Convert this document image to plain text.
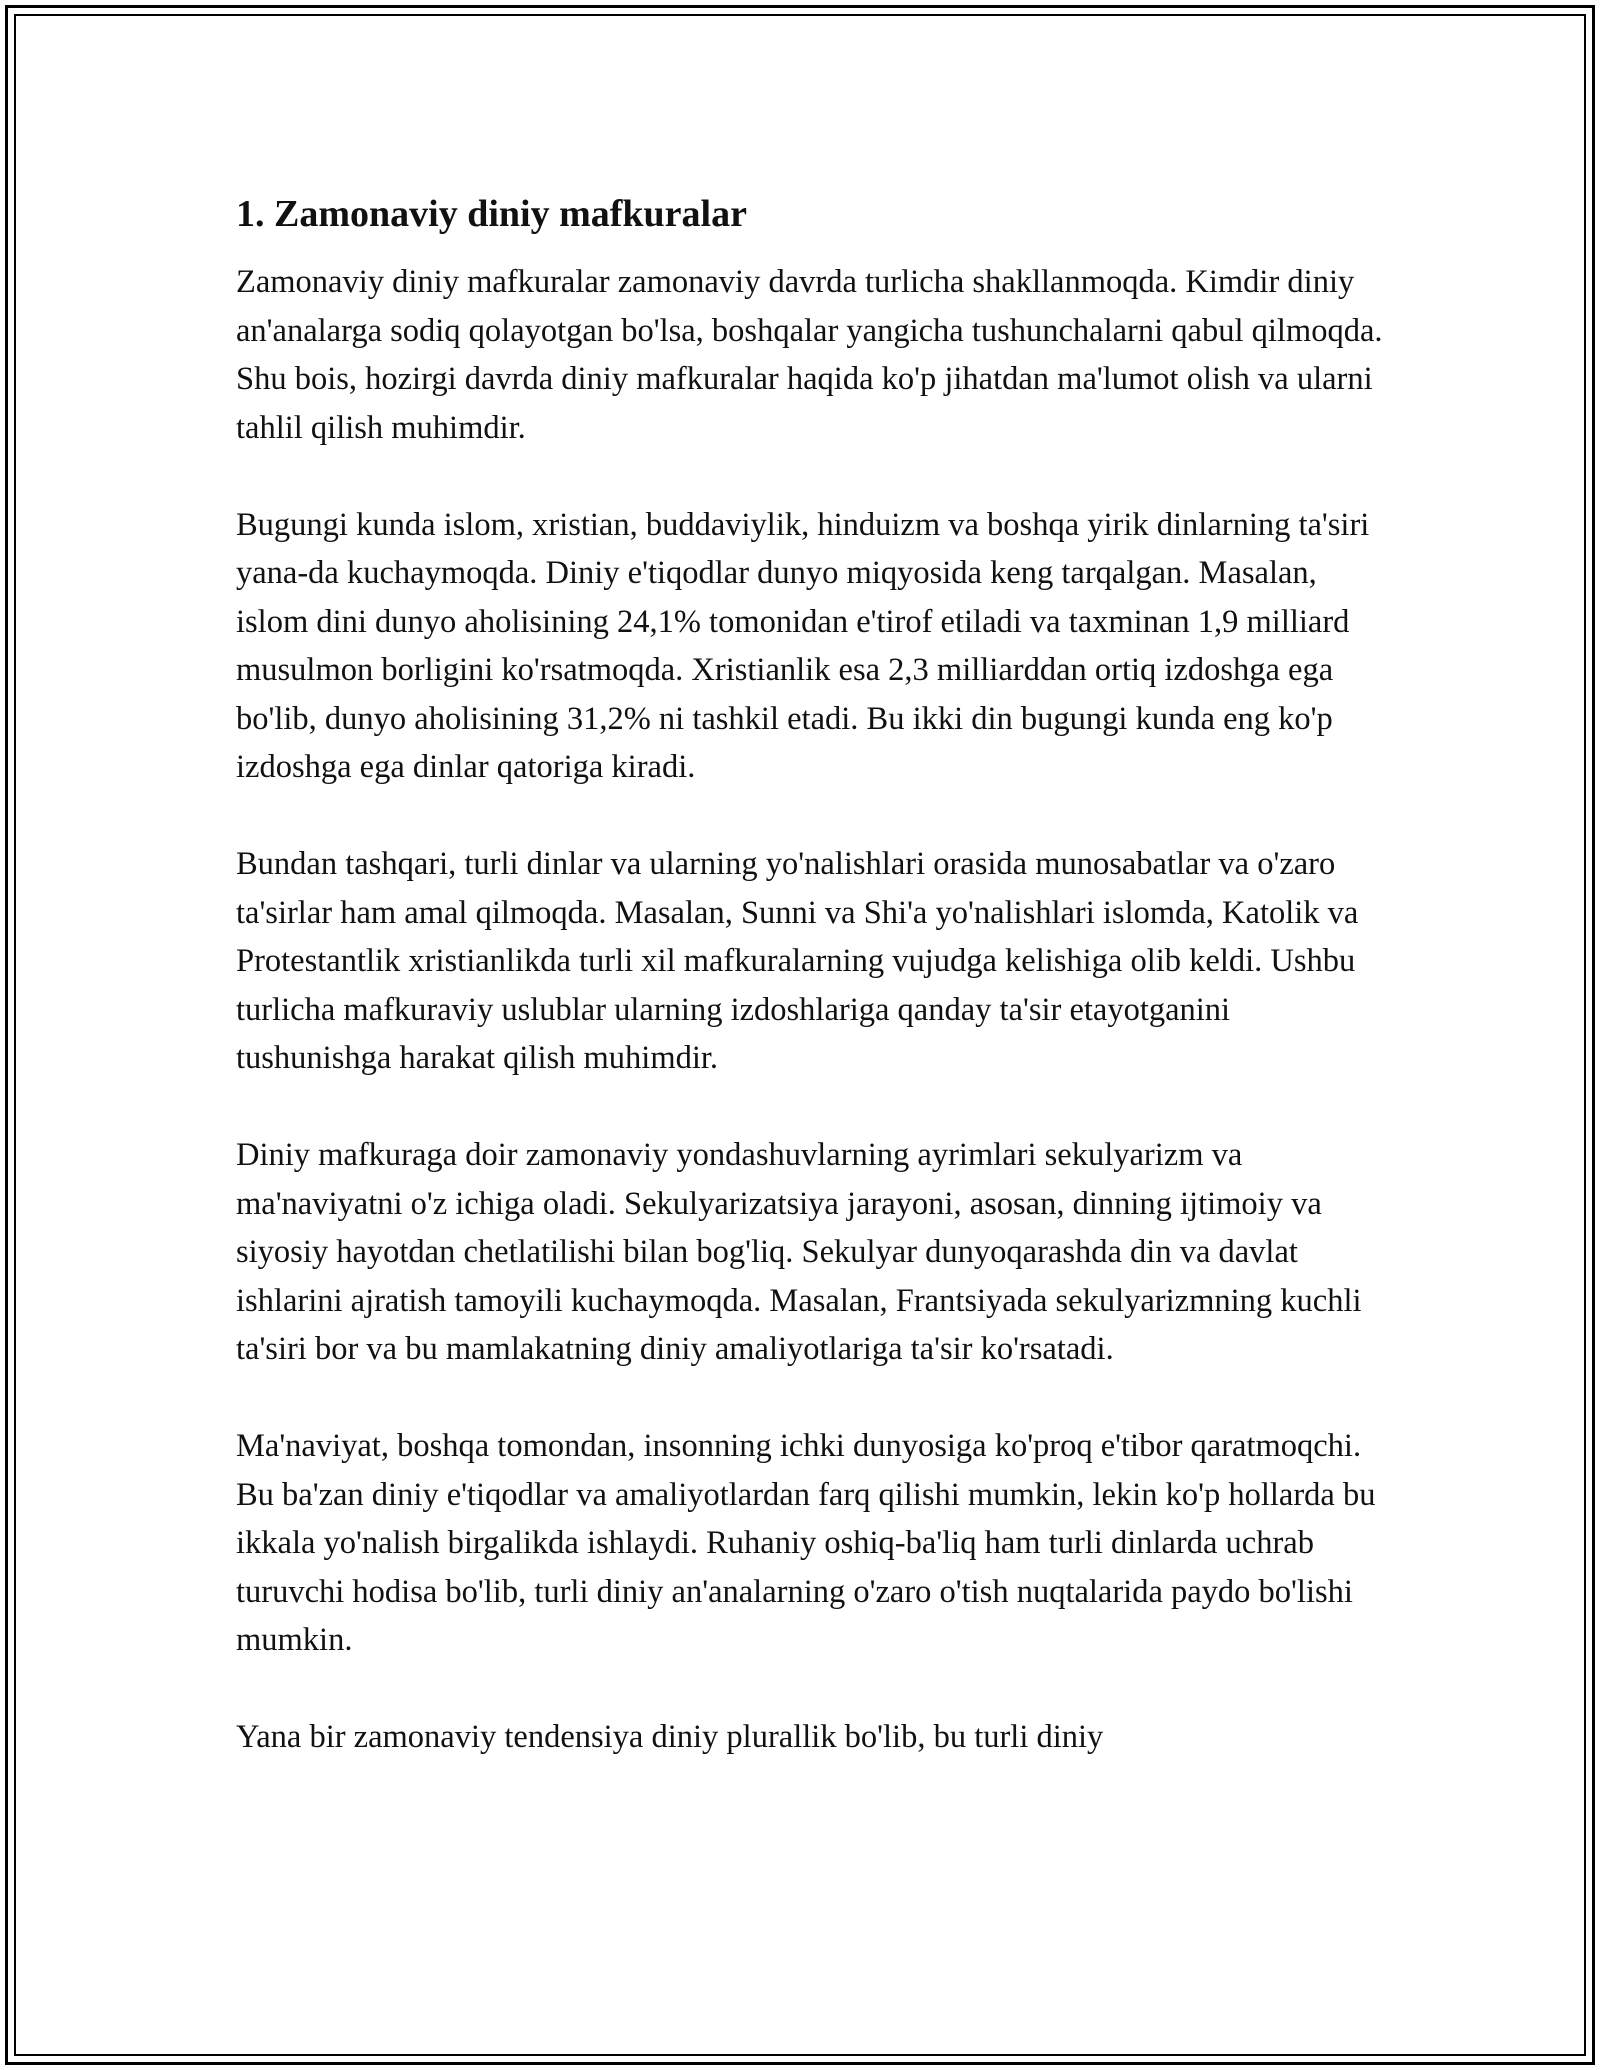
1. Zamonaviy diniy mafkuralar

Zamonaviy diniy mafkuralar zamonaviy davrda turlicha shakllanmoqda. Kimdir diniy an'analarga sodiq qolayotgan bo'lsa, boshqalar yangicha tushunchalarni qabul qilmoqda. Shu bois, hozirgi davrda diniy mafkuralar haqida ko'p jihatdan ma'lumot olish va ularni tahlil qilish muhimdir.

Bugungi kunda islom, xristian, buddaviylik, hinduizm va boshqa yirik dinlarning ta'siri yana-da kuchaymoqda. Diniy e'tiqodlar dunyo miqyosida keng tarqalgan. Masalan, islom dini dunyo aholisining 24,1% tomonidan e'tirof etiladi va taxminan 1,9 milliard musulmon borligini ko'rsatmoqda. Xristianlik esa 2,3 milliarddan ortiq izdoshga ega bo'lib, dunyo aholisining 31,2% ni tashkil etadi. Bu ikki din bugungi kunda eng ko'p izdoshga ega dinlar qatoriga kiradi.

Bundan tashqari, turli dinlar va ularning yo'nalishlari orasida munosabatlar va o'zaro ta'sirlar ham amal qilmoqda. Masalan, Sunni va Shi'a yo'nalishlari islomda, Katolik va Protestantlik xristianlikda turli xil mafkuralarning vujudga kelishiga olib keldi. Ushbu turlicha mafkuraviy uslublar ularning izdoshlariga qanday ta'sir etayotganini tushunishga harakat qilish muhimdir.

Diniy mafkuraga doir zamonaviy yondashuvlarning ayrimlari sekulyarizm va ma'naviyatni o'z ichiga oladi. Sekulyarizatsiya jarayoni, asosan, dinning ijtimoiy va siyosiy hayotdan chetlatilishi bilan bog'liq. Sekulyar dunyoqarashda din va davlat ishlarini ajratish tamoyili kuchaymoqda. Masalan, Frantsiyada sekulyarizmning kuchli ta'siri bor va bu mamlakatning diniy amaliyotlariga ta'sir ko'rsatadi.

Ma'naviyat, boshqa tomondan, insonning ichki dunyosiga ko'proq e'tibor qaratmoqchi. Bu ba'zan diniy e'tiqodlar va amaliyotlardan farq qilishi mumkin, lekin ko'p hollarda bu ikkala yo'nalish birgalikda ishlaydi. Ruhaniy oshiq-ba'liq ham turli dinlarda uchrab turuvchi hodisa bo'lib, turli diniy an'analarning o'zaro o'tish nuqtalarida paydo bo'lishi mumkin.

Yana bir zamonaviy tendensiya diniy plurallik bo'lib, bu turli diniy
